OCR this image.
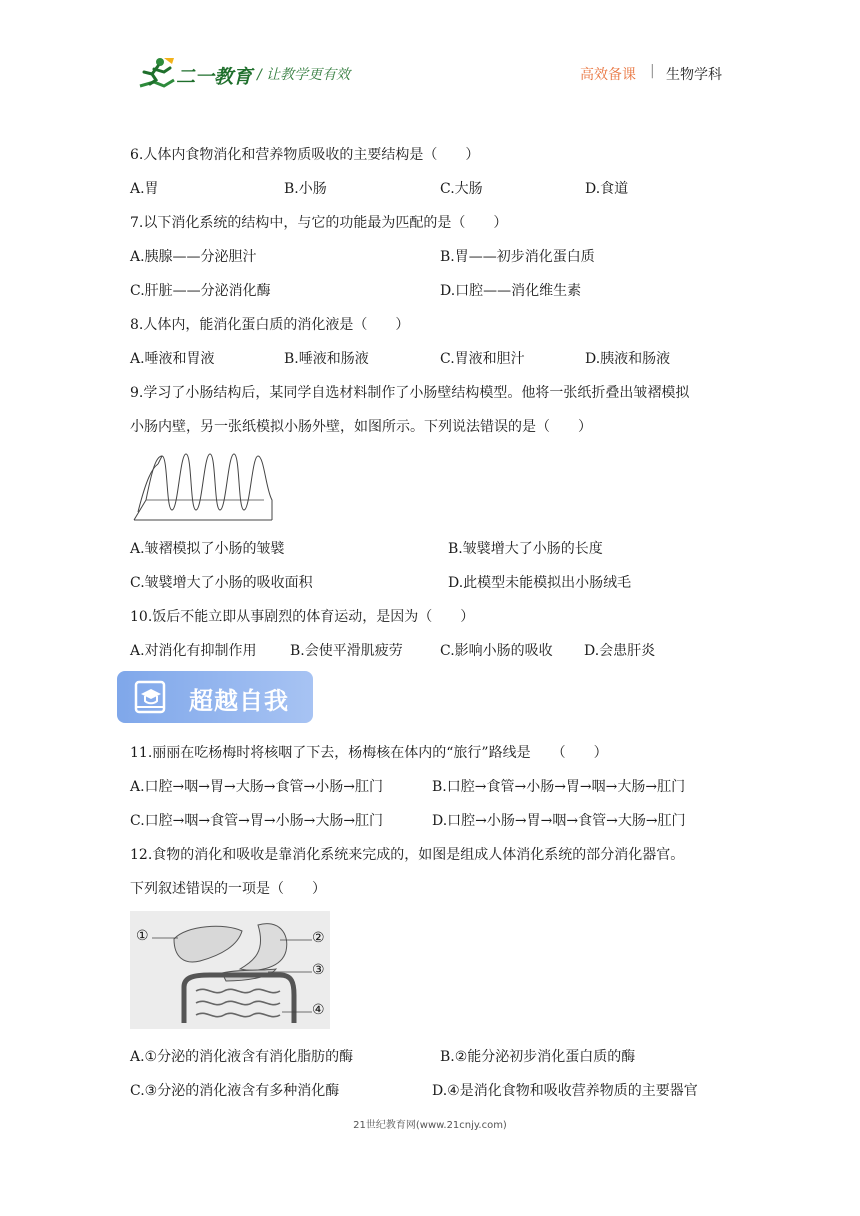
二一教育 / 让教学更有效	高效备课 | 生物学科
6.人体内食物消化和营养物质吸收的主要结构是（　　）
A.胃	B.小肠	C.大肠	D.食道
7.以下消化系统的结构中，与它的功能最为匹配的是（　　）
A.胰腺——分泌胆汁	B.胃——初步消化蛋白质
C.肝脏——分泌消化酶	D.口腔——消化维生素
8.人体内，能消化蛋白质的消化液是（　　）
A.唾液和胃液	B.唾液和肠液	C.胃液和胆汁	D.胰液和肠液
9.学习了小肠结构后，某同学自选材料制作了小肠壁结构模型。他将一张纸折叠出皱褶模拟
小肠内壁，另一张纸模拟小肠外壁，如图所示。下列说法错误的是（　　）
A.皱褶模拟了小肠的皱襞	B.皱襞增大了小肠的长度
C.皱襞增大了小肠的吸收面积	D.此模型未能模拟出小肠绒毛
10.饭后不能立即从事剧烈的体育运动，是因为（　　）
A.对消化有抑制作用 B.会使平滑肌疲劳	C.影响小肠的吸收 D.会患肝炎
超越自我
11.丽丽在吃杨梅时将核咽了下去，杨梅核在体内的“旅行”路线是　　（　　）
A.口腔→咽→胃→大肠→食管→小肠→肛门	B.口腔→食管→小肠→胃→咽→大肠→肛门
C.口腔→咽→食管→胃→小肠→大肠→肛门	D.口腔→小肠→胃→咽→食管→大肠→肛门
12.食物的消化和吸收是靠消化系统来完成的，如图是组成人体消化系统的部分消化器官。
下列叙述错误的一项是（　　）
①	②
③
④
A.①分泌的消化液含有消化脂肪的酶	B.②能分泌初步消化蛋白质的酶
C.③分泌的消化液含有多种消化酶	D.④是消化食物和吸收营养物质的主要器官
21世纪教育网(www.21cnjy.com)
